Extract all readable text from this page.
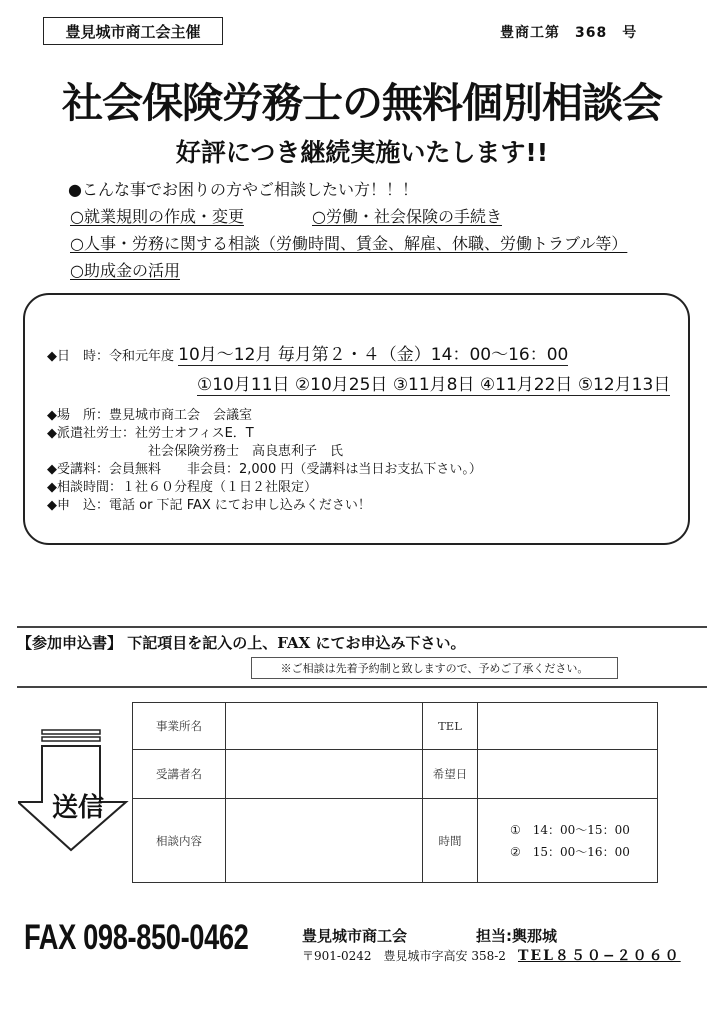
豊見城市商工会主催	豊商工第　368　号
社会保険労務士の無料個別相談会
好評につき継続実施いたします!!
●こんな事でお困りの方やご相談したい方！！！
○就業規則の作成・変更	○労働・社会保険の手続き
○人事・労務に関する相談（労働時間、賃金、解雇、休職、労働トラブル等）
○助成金の活用
◆日　時：令和元年度 10月〜12月 毎月第２・４（金）14：00〜16：00
①10月11日 ②10月25日 ③11月8日 ④11月22日 ⑤12月13日
◆場　所：豊見城市商工会　会議室
◆派遣社労士：社労士オフィスE．T
社会保険労務士　高良恵利子　氏
◆受講料：会員無料　　非会員：2,000 円（受講料は当日お支払下さい。）
◆相談時間：１社６０分程度（１日２社限定）
◆申　込：電話 or 下記 FAX にてお申し込みください！
【参加申込書】 下記項目を記入の上、FAX にてお申込み下さい。
※ご相談は先着予約制と致しますので、予めご了承ください。
送信
事業所名		TEL	
受講者名		希望日	
相談内容		時間	①　14：00〜15：00
②　15：00〜16：00
FAX 098-850-0462	豊見城市商工会	担当:輿那城
〒901-0242　豊見城市字高安 358-2 TEL８５０−２０６０
